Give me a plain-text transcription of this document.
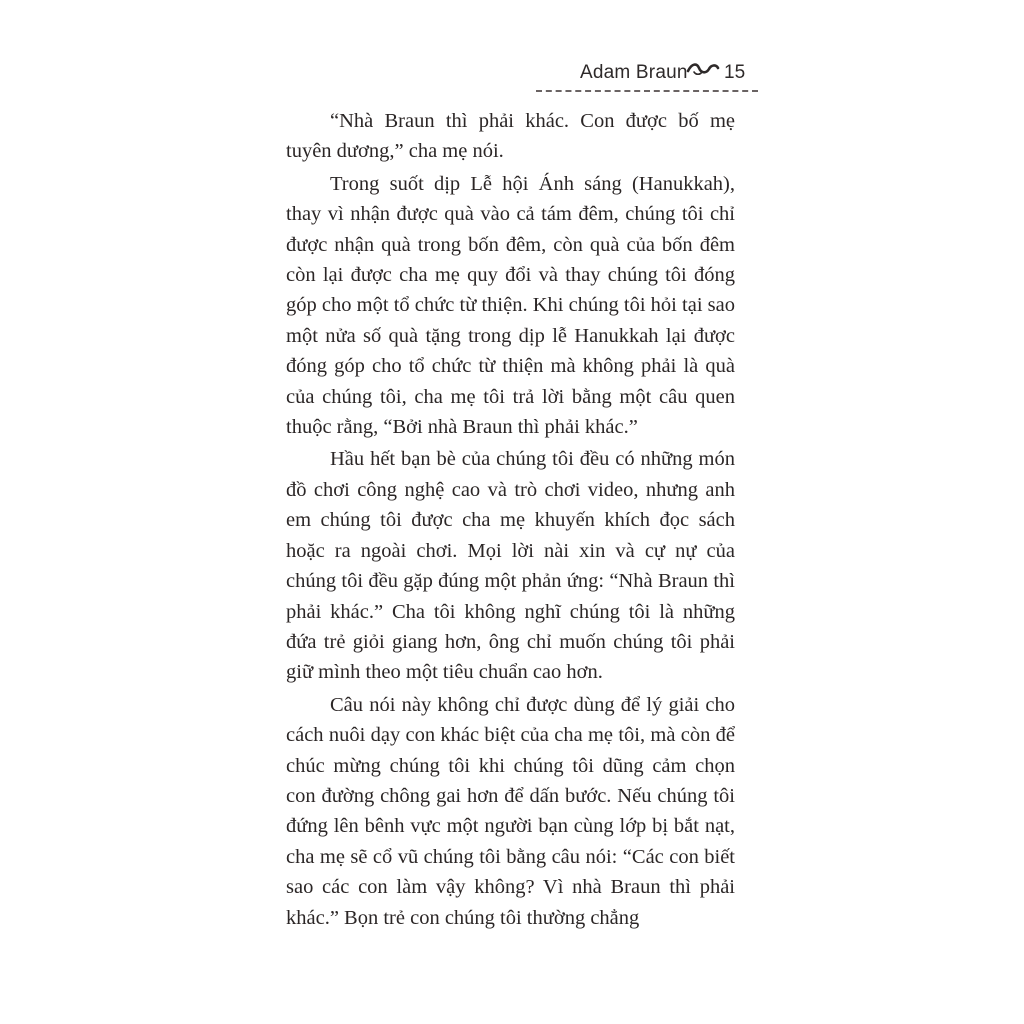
Adam Braun 15

“Nhà Braun thì phải khác. Con được bố mẹ tuyên dương,” cha mẹ nói.

Trong suốt dịp Lễ hội Ánh sáng (Hanukkah), thay vì nhận được quà vào cả tám đêm, chúng tôi chỉ được nhận quà trong bốn đêm, còn quà của bốn đêm còn lại được cha mẹ quy đổi và thay chúng tôi đóng góp cho một tổ chức từ thiện. Khi chúng tôi hỏi tại sao một nửa số quà tặng trong dịp lễ Hanukkah lại được đóng góp cho tổ chức từ thiện mà không phải là quà của chúng tôi, cha mẹ tôi trả lời bằng một câu quen thuộc rằng, “Bởi nhà Braun thì phải khác.”

Hầu hết bạn bè của chúng tôi đều có những món đồ chơi công nghệ cao và trò chơi video, nhưng anh em chúng tôi được cha mẹ khuyến khích đọc sách hoặc ra ngoài chơi. Mọi lời nài xin và cự nự của chúng tôi đều gặp đúng một phản ứng: “Nhà Braun thì phải khác.” Cha tôi không nghĩ chúng tôi là những đứa trẻ giỏi giang hơn, ông chỉ muốn chúng tôi phải giữ mình theo một tiêu chuẩn cao hơn.

Câu nói này không chỉ được dùng để lý giải cho cách nuôi dạy con khác biệt của cha mẹ tôi, mà còn để chúc mừng chúng tôi khi chúng tôi dũng cảm chọn con đường chông gai hơn để dấn bước. Nếu chúng tôi đứng lên bênh vực một người bạn cùng lớp bị bắt nạt, cha mẹ sẽ cổ vũ chúng tôi bằng câu nói: “Các con biết sao các con làm vậy không? Vì nhà Braun thì phải khác.” Bọn trẻ con chúng tôi thường chẳng
